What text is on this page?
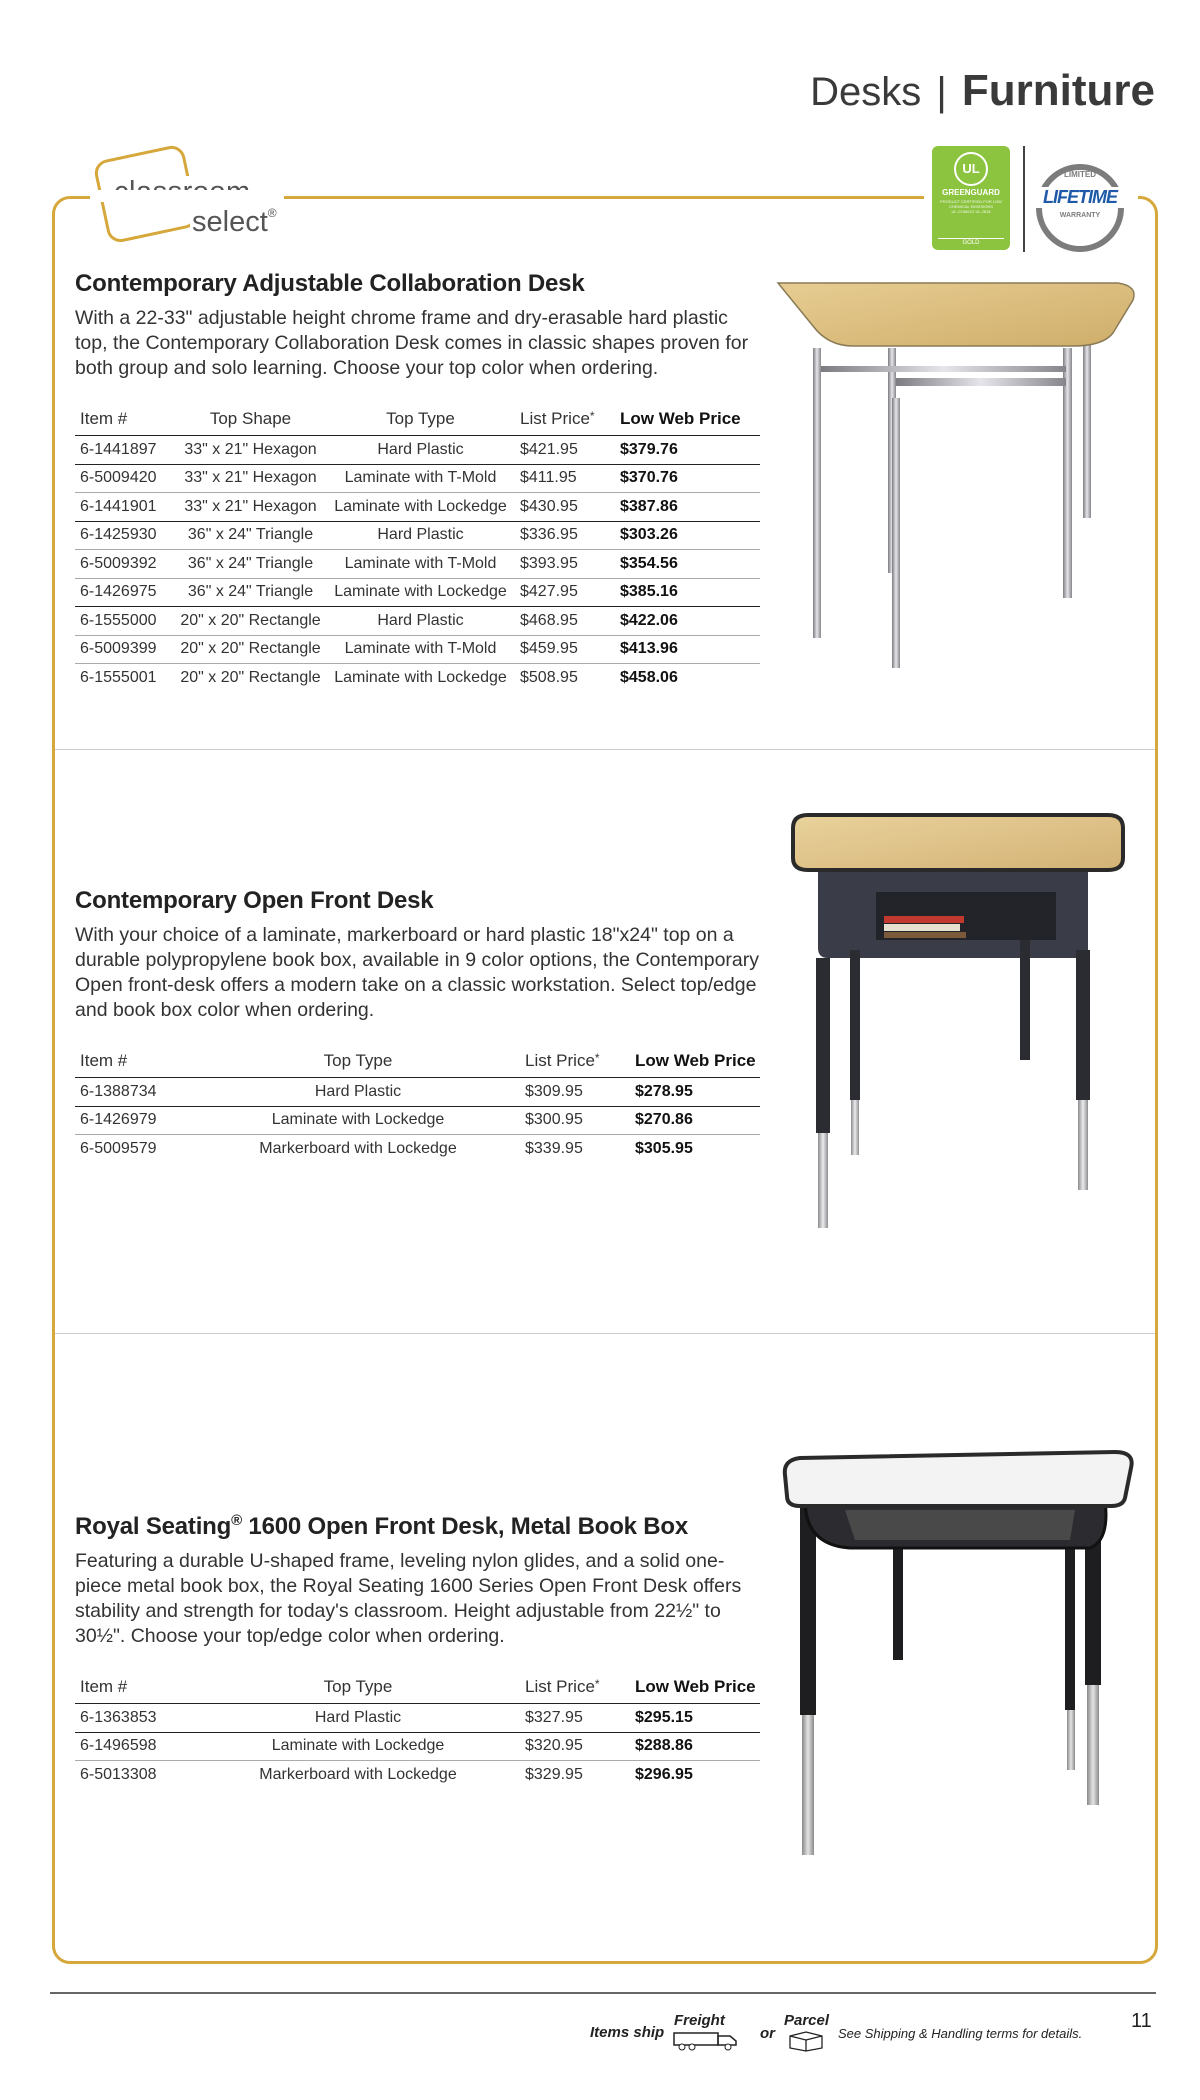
Desks | Furniture
select®
UL
GREENGUARD
PRODUCT CERTIFIED FOR LOW CHEMICAL EMISSIONS UL.COM/GG UL 2818
GOLD
LIMITED
LIFETIME
WARRANTY
Contemporary Adjustable Collaboration Desk

With a 22-33" adjustable height chrome frame and dry-erasable hard plastic top, the Contemporary Collaboration Desk comes in classic shapes proven for both group and solo learning. Choose your top color when ordering.

Item #	Top Shape	Top Type	List Price*	Low Web Price
6-1441897	33" x 21" Hexagon	Hard Plastic	$421.95	$379.76
6-5009420	33" x 21" Hexagon	Laminate with T-Mold	$411.95	$370.76
6-1441901	33" x 21" Hexagon	Laminate with Lockedge	$430.95	$387.86
6-1425930	36" x 24" Triangle	Hard Plastic	$336.95	$303.26
6-5009392	36" x 24" Triangle	Laminate with T-Mold	$393.95	$354.56
6-1426975	36" x 24" Triangle	Laminate with Lockedge	$427.95	$385.16
6-1555000	20" x 20" Rectangle	Hard Plastic	$468.95	$422.06
6-5009399	20" x 20" Rectangle	Laminate with T-Mold	$459.95	$413.96
6-1555001	20" x 20" Rectangle	Laminate with Lockedge	$508.95	$458.06
Contemporary Open Front Desk

With your choice of a laminate, markerboard or hard plastic 18"x24" top on a durable polypropylene book box, available in 9 color options, the Contemporary Open front-desk offers a modern take on a classic workstation. Select top/edge and book box color when ordering.

Item #	Top Type	List Price*	Low Web Price
6-1388734	Hard Plastic	$309.95	$278.95
6-1426979	Laminate with Lockedge	$300.95	$270.86
6-5009579	Markerboard with Lockedge	$339.95	$305.95
Royal Seating® 1600 Open Front Desk, Metal Book Box

Featuring a durable U-shaped frame, leveling nylon glides, and a solid one-piece metal book box, the Royal Seating 1600 Series Open Front Desk offers stability and strength for today's classroom. Height adjustable from 22½" to 30½". Choose your top/edge color when ordering.

Item #	Top Type	List Price*	Low Web Price
6-1363853	Hard Plastic	$327.95	$295.15
6-1496598	Laminate with Lockedge	$320.95	$288.86
6-5013308	Markerboard with Lockedge	$329.95	$296.95
Items ship
Freight
or
Parcel
See Shipping & Handling terms for details.
11
